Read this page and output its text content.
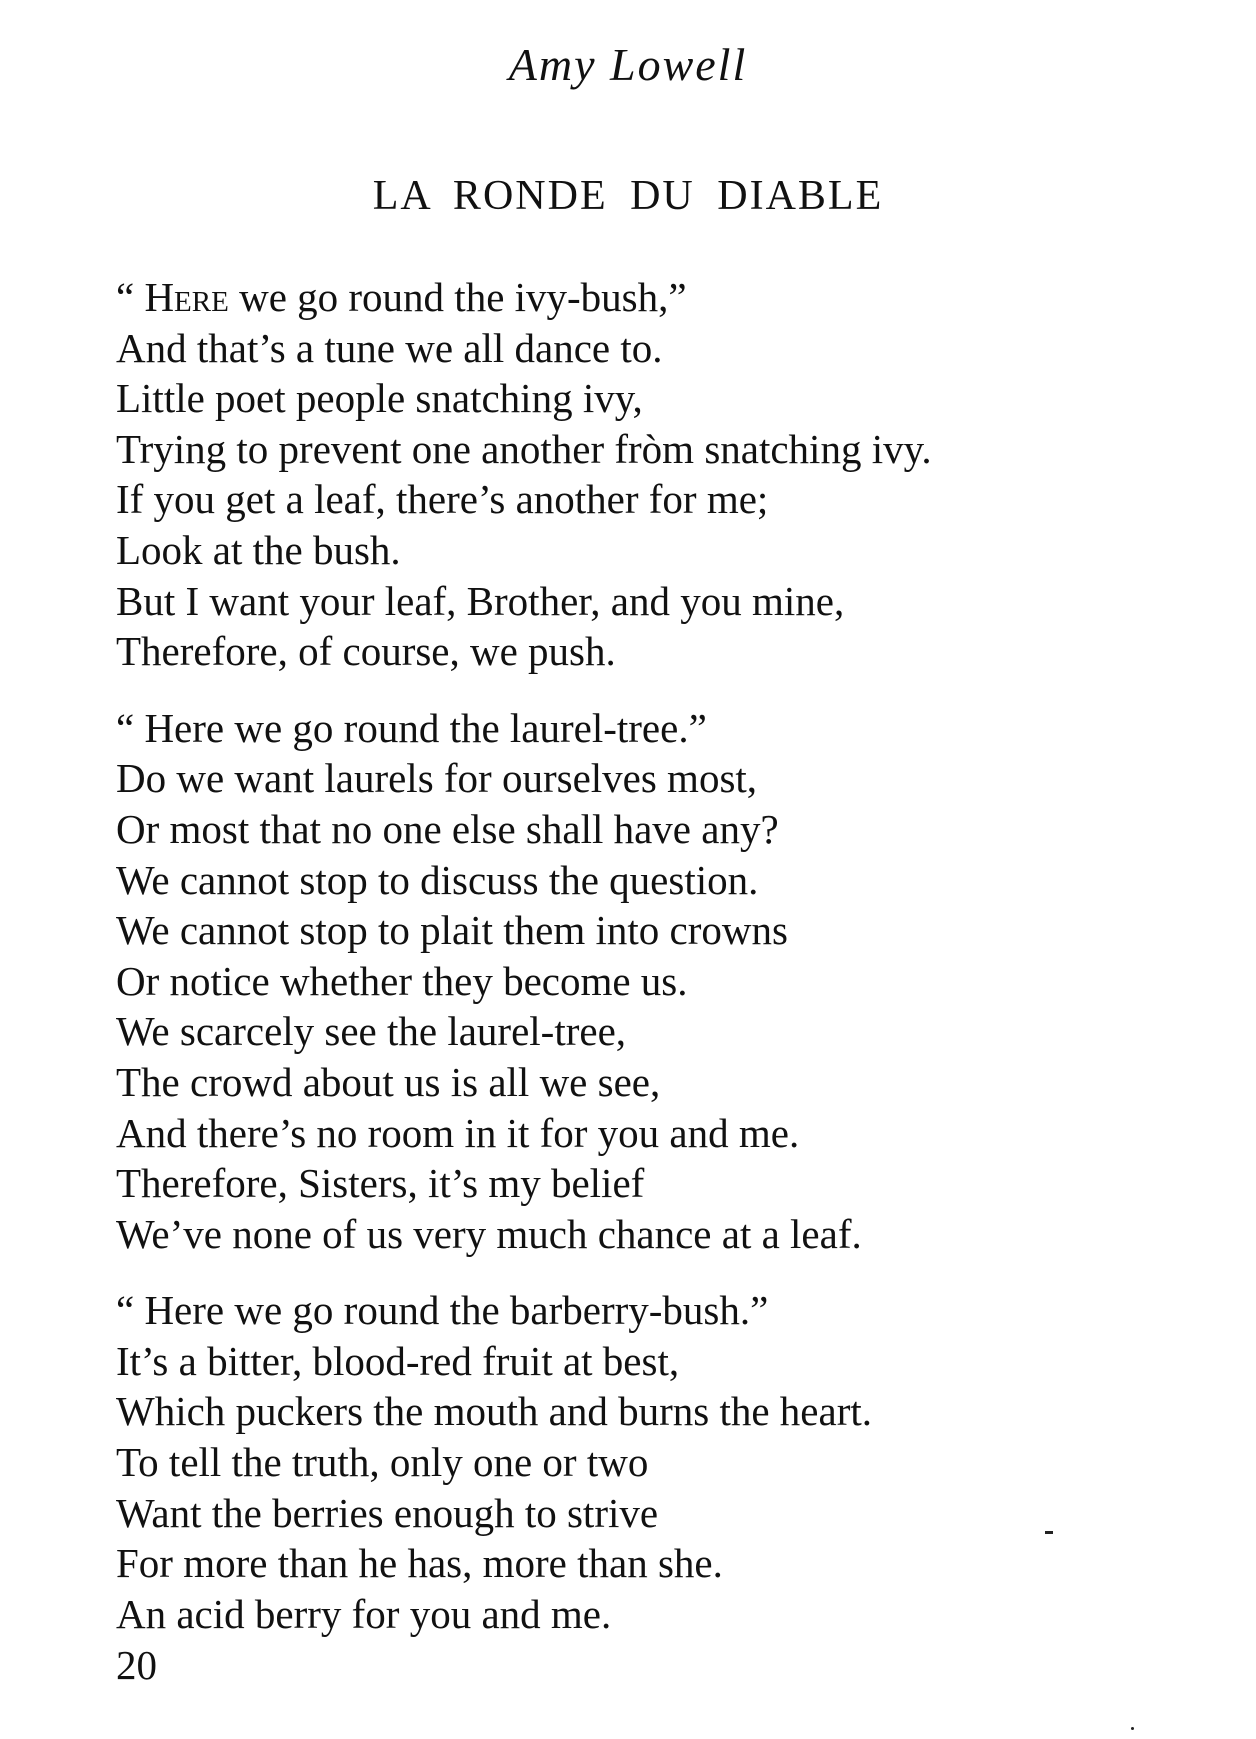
Amy Lowell
LA RONDE DU DIABLE
“ Here we go round the ivy-bush,”
And that’s a tune we all dance to.
Little poet people snatching ivy,
Trying to prevent one another fròm snatching ivy.
If you get a leaf, there’s another for me;
Look at the bush.
But I want your leaf, Brother, and you mine,
Therefore, of course, we push.
“ Here we go round the laurel-tree.”
Do we want laurels for ourselves most,
Or most that no one else shall have any?
We cannot stop to discuss the question.
We cannot stop to plait them into crowns
Or notice whether they become us.
We scarcely see the laurel-tree,
The crowd about us is all we see,
And there’s no room in it for you and me.
Therefore, Sisters, it’s my belief
We’ve none of us very much chance at a leaf.
“ Here we go round the barberry-bush.”
It’s a bitter, blood-red fruit at best,
Which puckers the mouth and burns the heart.
To tell the truth, only one or two
Want the berries enough to strive
For more than he has, more than she.
An acid berry for you and me.
20
